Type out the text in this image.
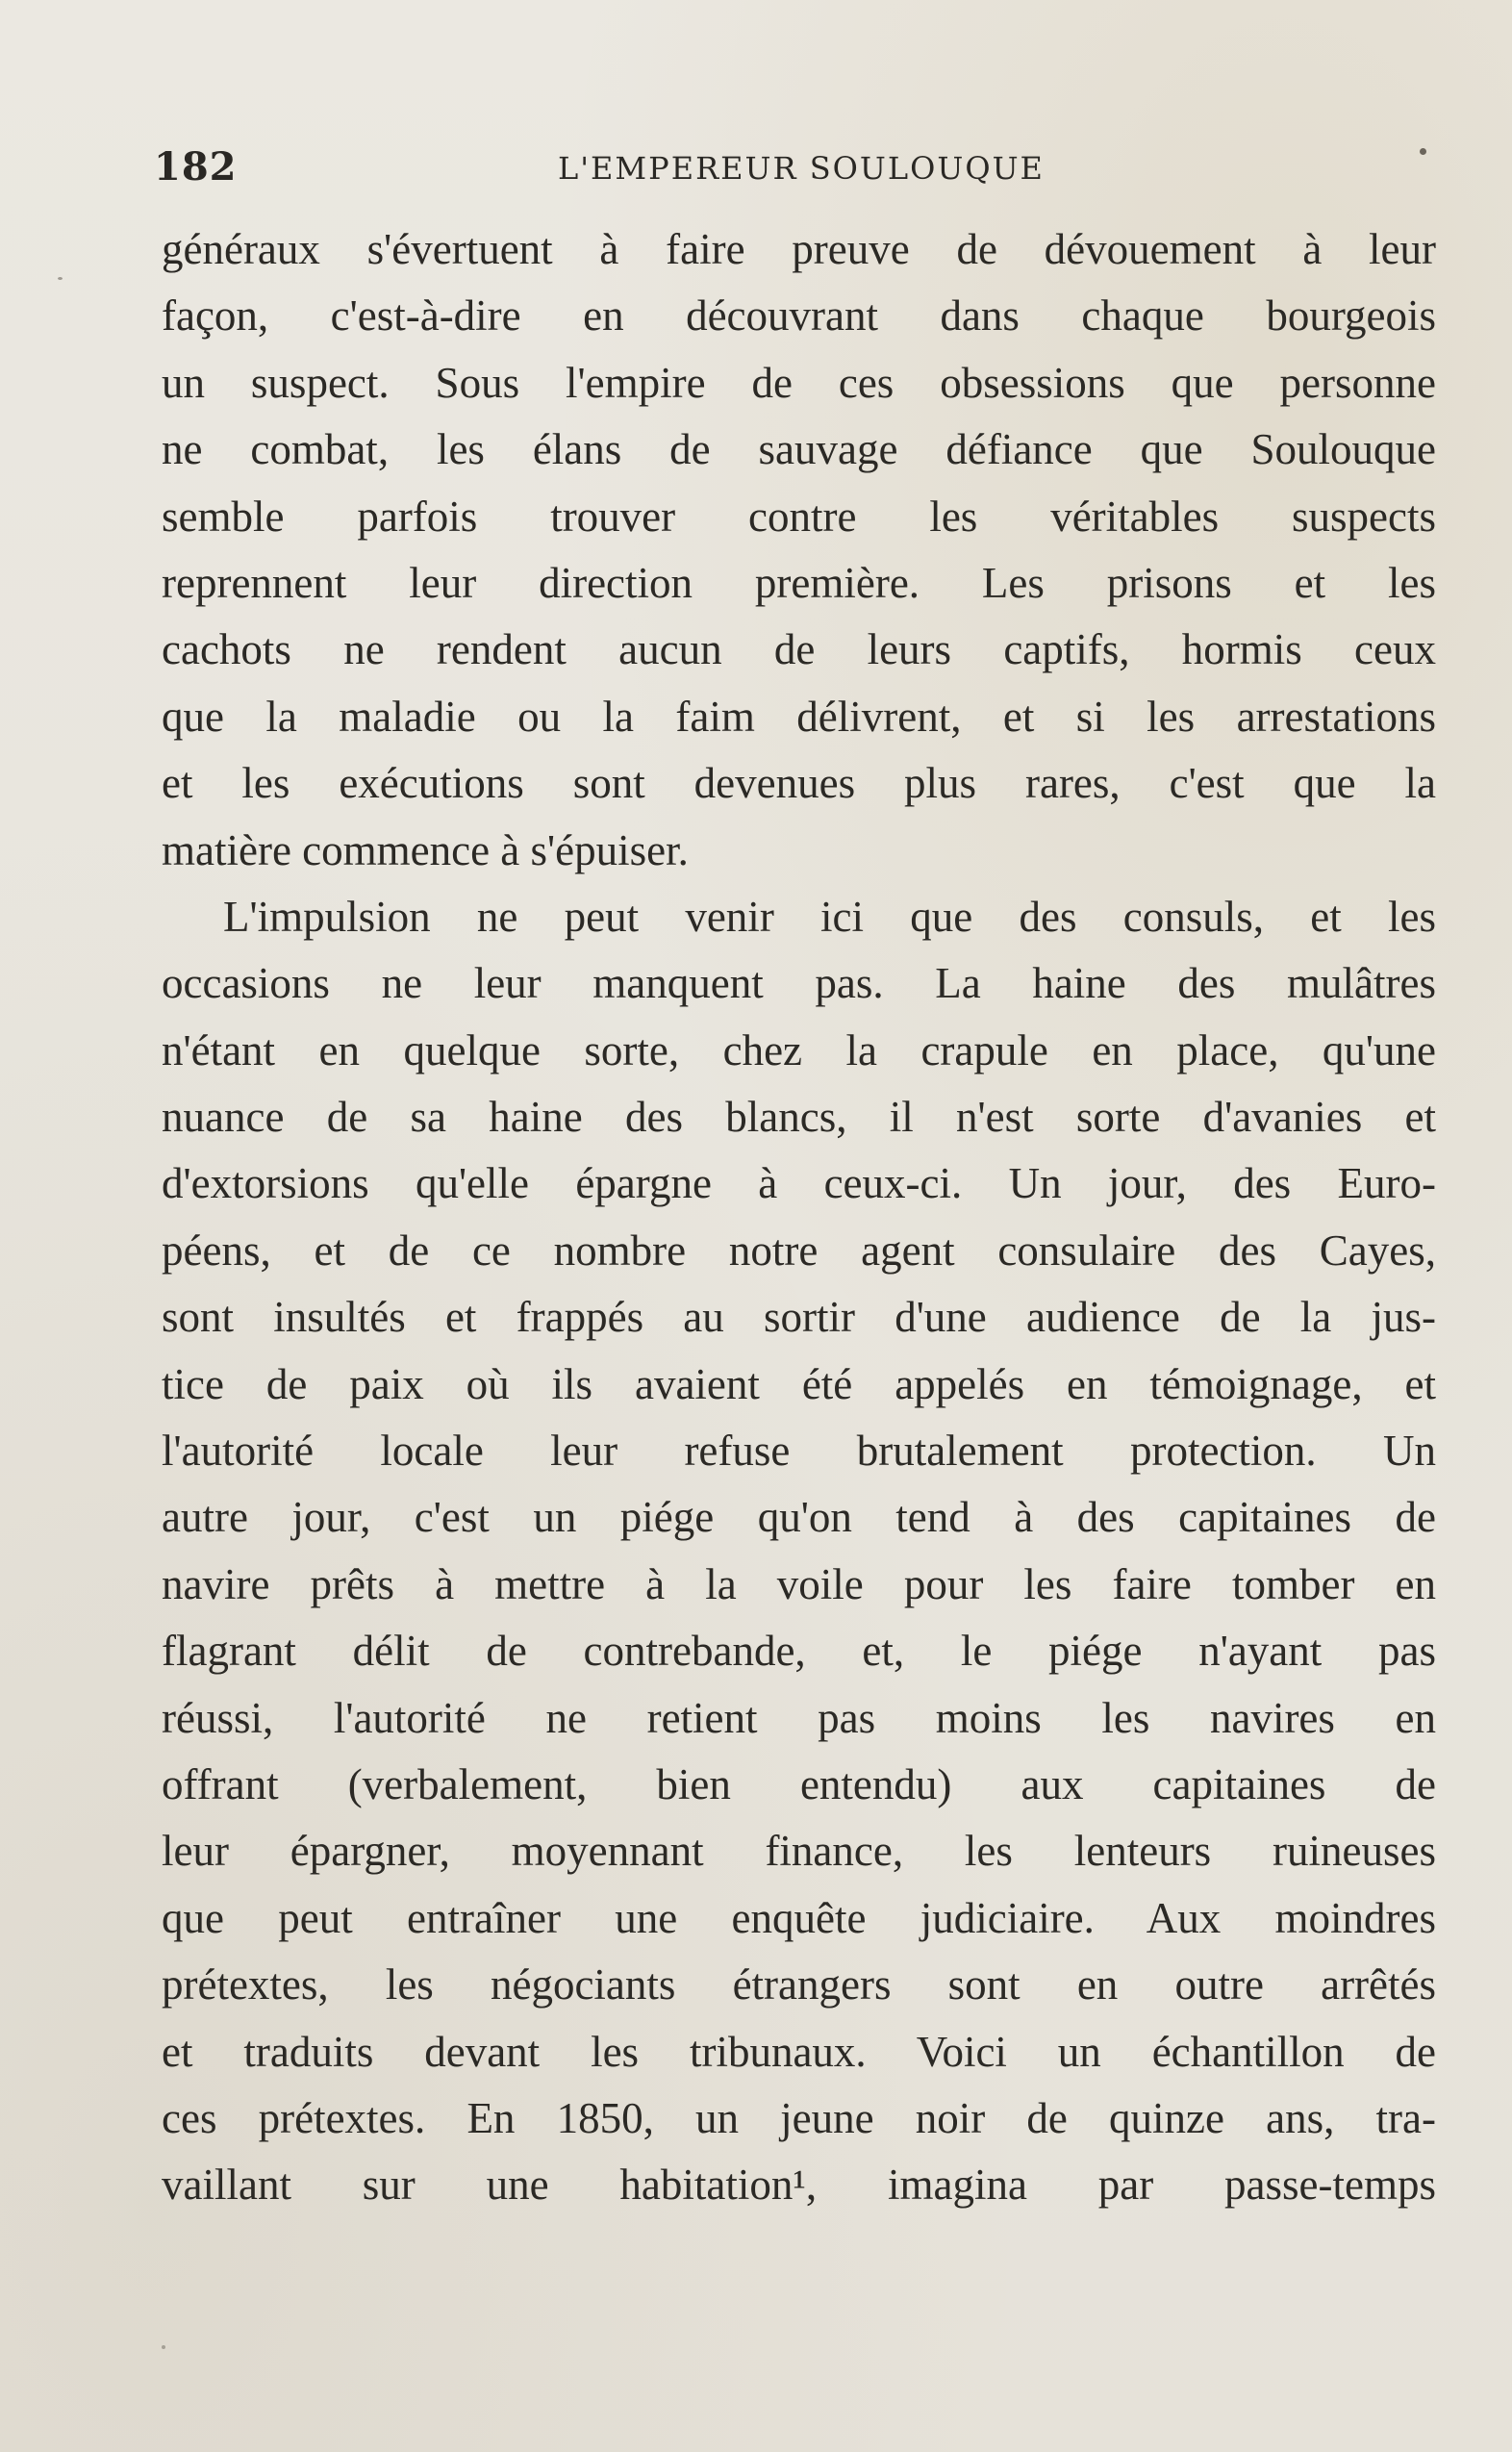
182	L'EMPEREUR SOULOUQUE
généraux s'évertuent à faire preuve de dévouement à leur
façon, c'est-à-dire en découvrant dans chaque bourgeois
un suspect. Sous l'empire de ces obsessions que personne
ne combat, les élans de sauvage défiance que Soulouque
semble parfois trouver contre les véritables suspects
reprennent leur direction première. Les prisons et les
cachots ne rendent aucun de leurs captifs, hormis ceux
que la maladie ou la faim délivrent, et si les arrestations
et les exécutions sont devenues plus rares, c'est que la
matière commence à s'épuiser.
L'impulsion ne peut venir ici que des consuls, et les
occasions ne leur manquent pas. La haine des mulâtres
n'étant en quelque sorte, chez la crapule en place, qu'une
nuance de sa haine des blancs, il n'est sorte d'avanies et
d'extorsions qu'elle épargne à ceux-ci. Un jour, des Euro-
péens, et de ce nombre notre agent consulaire des Cayes,
sont insultés et frappés au sortir d'une audience de la jus-
tice de paix où ils avaient été appelés en témoignage, et
l'autorité locale leur refuse brutalement protection. Un
autre jour, c'est un piége qu'on tend à des capitaines de
navire prêts à mettre à la voile pour les faire tomber en
flagrant délit de contrebande, et, le piége n'ayant pas
réussi, l'autorité ne retient pas moins les navires en
offrant (verbalement, bien entendu) aux capitaines de
leur épargner, moyennant finance, les lenteurs ruineuses
que peut entraîner une enquête judiciaire. Aux moindres
prétextes, les négociants étrangers sont en outre arrêtés
et traduits devant les tribunaux. Voici un échantillon de
ces prétextes. En 1850, un jeune noir de quinze ans, tra-
vaillant sur une habitation¹, imagina par passe-temps
